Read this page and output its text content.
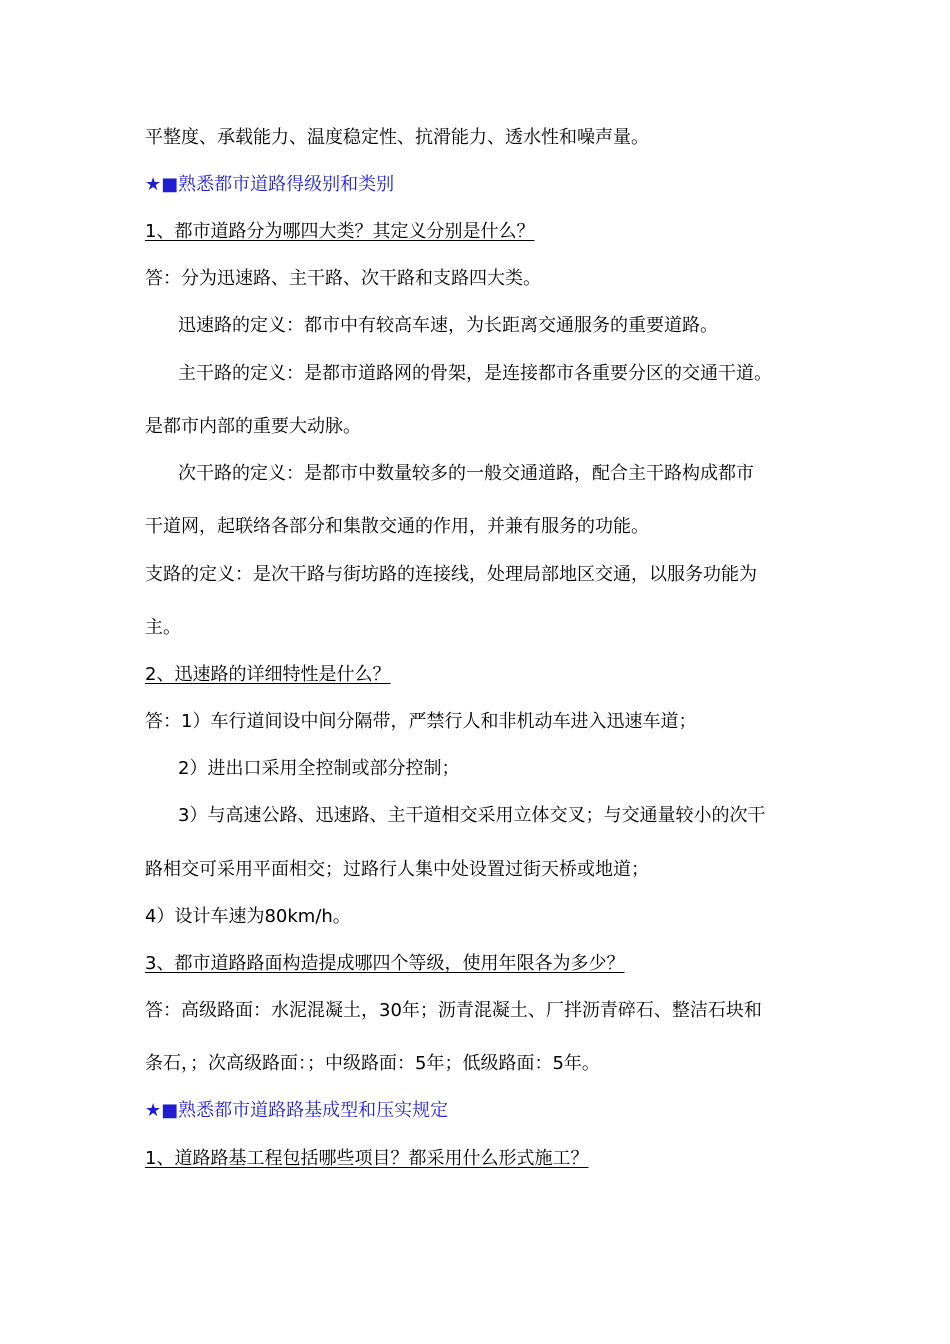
平整度、承载能力、温度稳定性、抗滑能力、透水性和噪声量。
★■熟悉都市道路得级别和类别
1、都市道路分为哪四大类？其定义分别是什么？
答：分为迅速路、主干路、次干路和支路四大类。
迅速路的定义：都市中有较高车速，为长距离交通服务的重要道路。
主干路的定义：是都市道路网的骨架，是连接都市各重要分区的交通干道。
是都市内部的重要大动脉。
次干路的定义：是都市中数量较多的一般交通道路，配合主干路构成都市
干道网，起联络各部分和集散交通的作用，并兼有服务的功能。
支路的定义：是次干路与街坊路的连接线，处理局部地区交通，以服务功能为
主。
2、迅速路的详细特性是什么？
答：1）车行道间设中间分隔带，严禁行人和非机动车进入迅速车道；
2）进出口采用全控制或部分控制；
3）与高速公路、迅速路、主干道相交采用立体交叉；与交通量较小的次干
路相交可采用平面相交；过路行人集中处设置过街天桥或地道；
4）设计车速为80km/h。
3、都市道路路面构造提成哪四个等级，使用年限各为多少？
答：高级路面：水泥混凝土，30年；沥青混凝土、厂拌沥青碎石、整洁石块和
条石，；次高级路面：；中级路面：5年；低级路面：5年。
★■熟悉都市道路路基成型和压实规定
1、道路路基工程包括哪些项目？都采用什么形式施工？
